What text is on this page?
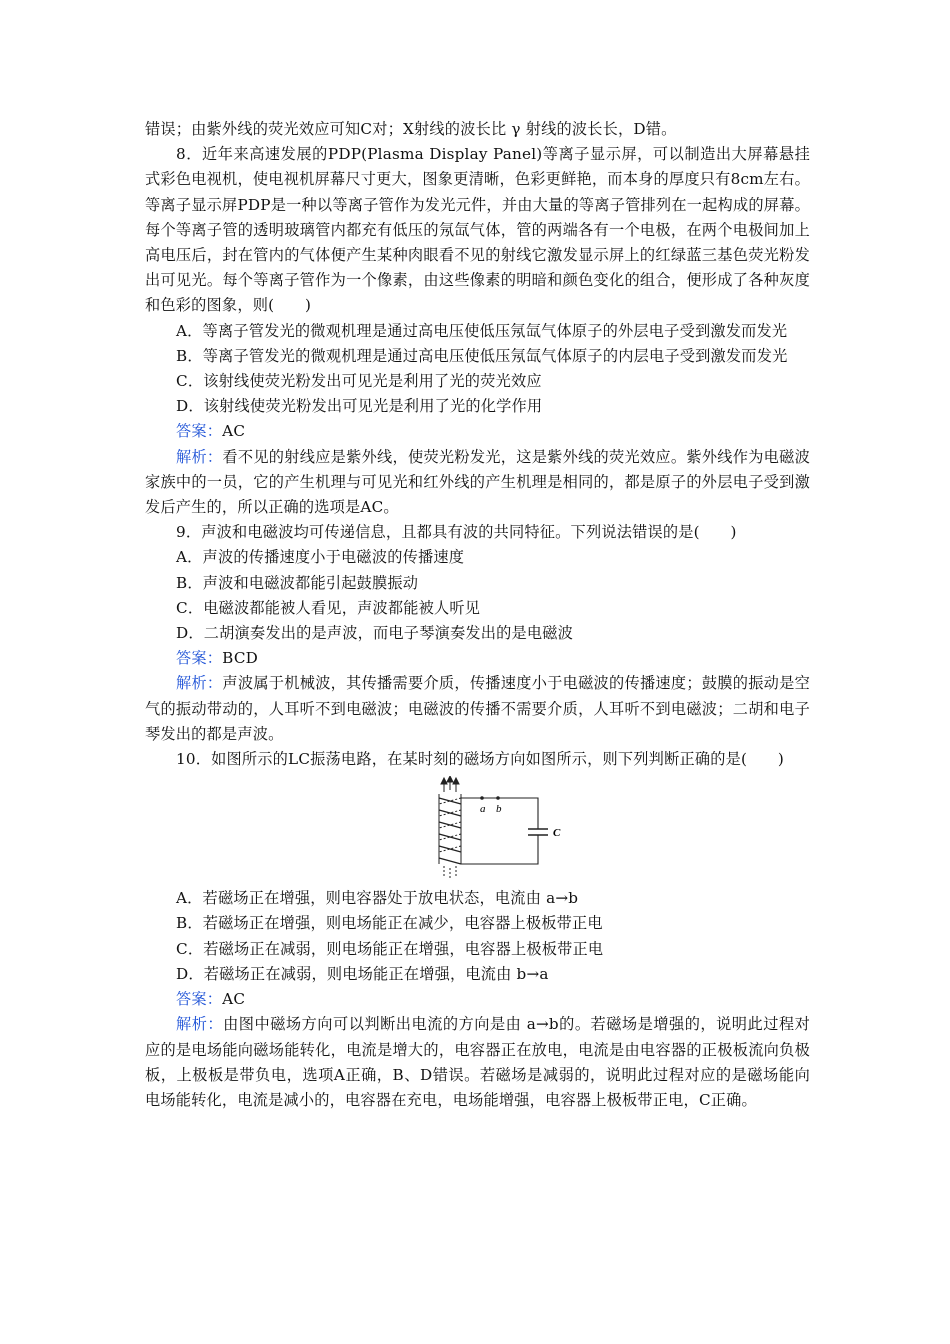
错误；由紫外线的荧光效应可知C对；X射线的波长比 γ 射线的波长长，D错。

8．近年来高速发展的PDP(Plasma Display Panel)等离子显示屏，可以制造出大屏幕悬挂式彩色电视机，使电视机屏幕尺寸更大，图象更清晰，色彩更鲜艳，而本身的厚度只有8cm左右。等离子显示屏PDP是一种以等离子管作为发光元件，并由大量的等离子管排列在一起构成的屏幕。每个等离子管的透明玻璃管内都充有低压的氖氙气体，管的两端各有一个电极，在两个电极间加上高电压后，封在管内的气体便产生某种肉眼看不见的射线它激发显示屏上的红绿蓝三基色荧光粉发出可见光。每个等离子管作为一个像素，由这些像素的明暗和颜色变化的组合，便形成了各种灰度和色彩的图象，则(　　)

A．等离子管发光的微观机理是通过高电压使低压氖氙气体原子的外层电子受到激发而发光

B．等离子管发光的微观机理是通过高电压使低压氖氙气体原子的内层电子受到激发而发光

C．该射线使荧光粉发出可见光是利用了光的荧光效应

D．该射线使荧光粉发出可见光是利用了光的化学作用

答案：AC

解析：看不见的射线应是紫外线，使荧光粉发光，这是紫外线的荧光效应。紫外线作为电磁波家族中的一员，它的产生机理与可见光和红外线的产生机理是相同的，都是原子的外层电子受到激发后产生的，所以正确的选项是AC。

9．声波和电磁波均可传递信息，且都具有波的共同特征。下列说法错误的是(　　)

A．声波的传播速度小于电磁波的传播速度

B．声波和电磁波都能引起鼓膜振动

C．电磁波都能被人看见，声波都能被人听见

D．二胡演奏发出的是声波，而电子琴演奏发出的是电磁波

答案：BCD

解析：声波属于机械波，其传播需要介质，传播速度小于电磁波的传播速度；鼓膜的振动是空气的振动带动的，人耳听不到电磁波；电磁波的传播不需要介质，人耳听不到电磁波；二胡和电子琴发出的都是声波。

10．如图所示的LC振荡电路，在某时刻的磁场方向如图所示，则下列判断正确的是(　　)

a b
C

A．若磁场正在增强，则电容器处于放电状态，电流由 a→b

B．若磁场正在增强，则电场能正在减少，电容器上极板带正电

C．若磁场正在减弱，则电场能正在增强，电容器上极板带正电

D．若磁场正在减弱，则电场能正在增强，电流由 b→a

答案：AC

解析：由图中磁场方向可以判断出电流的方向是由 a→b的。若磁场是增强的，说明此过程对应的是电场能向磁场能转化，电流是增大的，电容器正在放电，电流是由电容器的正极板流向负极板，上极板是带负电，选项A正确，B、D错误。若磁场是减弱的，说明此过程对应的是磁场能向电场能转化，电流是减小的，电容器在充电，电场能增强，电容器上极板带正电，C正确。
